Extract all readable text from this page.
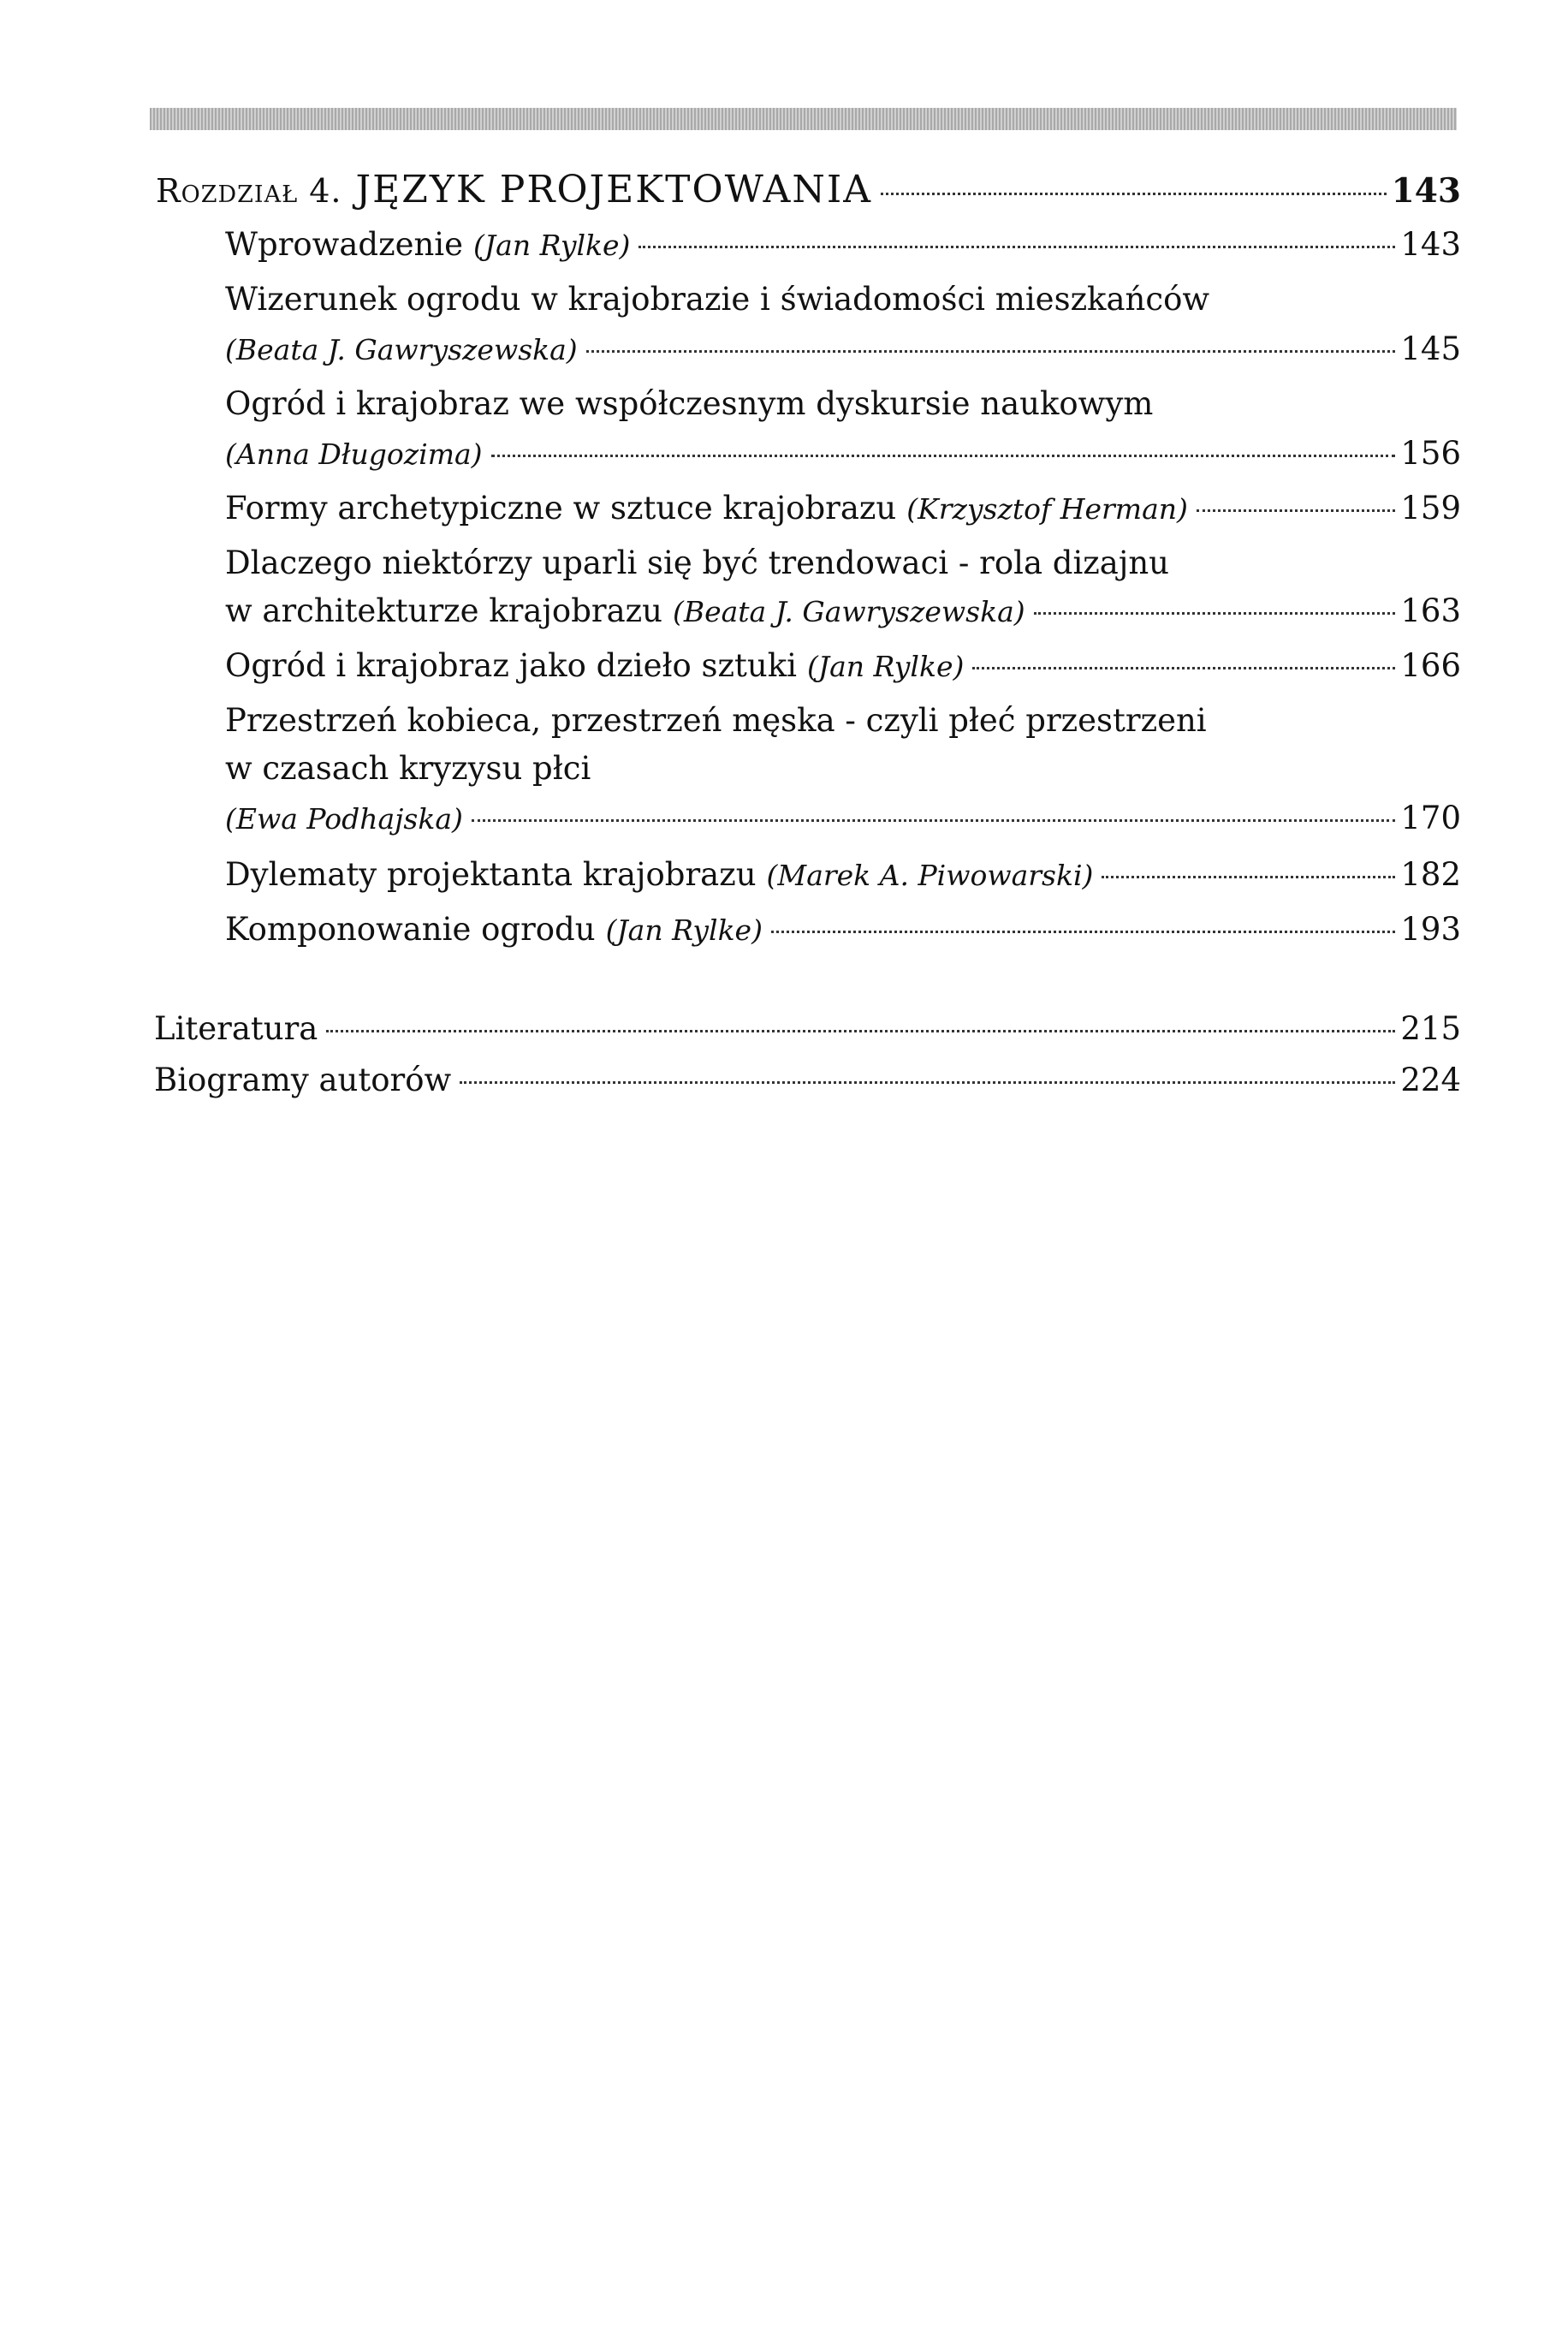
Rozdział 4. JĘZYK PROJEKTOWANIA	143
Wprowadzenie (Jan Rylke)	143
Wizerunek ogrodu w krajobrazie i świadomości mieszkańców
(Beata J. Gawryszewska)	145
Ogród i krajobraz we współczesnym dyskursie naukowym
(Anna Długozima)	156
Formy archetypiczne w sztuce krajobrazu (Krzysztof Herman)	159
Dlaczego niektórzy uparli się być trendowaci - rola dizajnu
w architekturze krajobrazu (Beata J. Gawryszewska)	163
Ogród i krajobraz jako dzieło sztuki (Jan Rylke)	166
Przestrzeń kobieca, przestrzeń męska - czyli płeć przestrzeni
w czasach kryzysu płci
(Ewa Podhajska)	170
Dylematy projektanta krajobrazu (Marek A. Piwowarski)	182
Komponowanie ogrodu (Jan Rylke)	193
Literatura	215
Biogramy autorów	224
